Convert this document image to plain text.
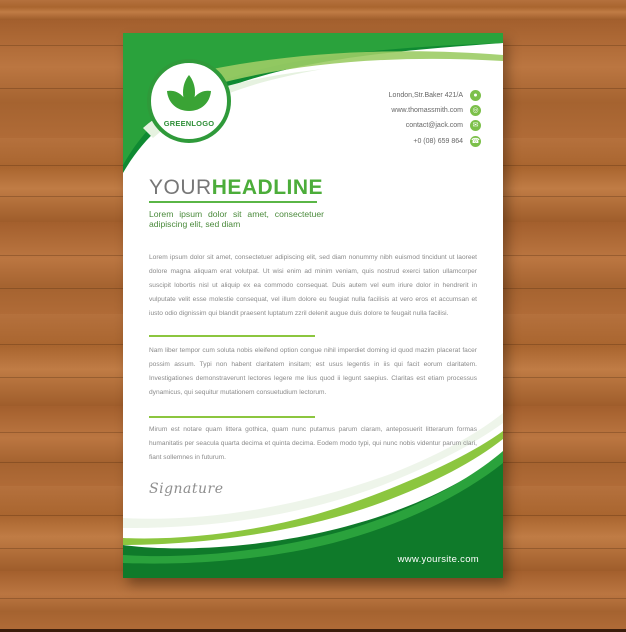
GREENLOGO
London,Str.Baker 421/A	●
www.thomassmith.com	◎
contact@jack.com	✉
+0 (08) 659 864 ☎
YOURHEADLINE
Lorem ipsum dolor sit amet, consectetuer adipiscing elit, sed diam
Lorem ipsum dolor sit amet, consectetuer adipiscing elit, sed diam nonummy nibh euismod tincidunt ut laoreet dolore magna aliquam erat volutpat. Ut wisi enim ad minim veniam, quis nostrud exerci tation ullamcorper suscipit lobortis nisl ut aliquip ex ea commodo consequat. Duis autem vel eum iriure dolor in hendrerit in vulputate velit esse molestie consequat, vel illum dolore eu feugiat nulla facilisis at vero eros et accumsan et iusto odio dignissim qui blandit praesent luptatum zzril delenit augue duis dolore te feugait nulla facilisi.
Nam liber tempor cum soluta nobis eleifend option congue nihil imperdiet doming id quod mazim placerat facer possim assum. Typi non habent claritatem insitam; est usus legentis in iis qui facit eorum claritatem. Investigationes demonstraverunt lectores legere me lius quod ii legunt saepius. Claritas est etiam processus dynamicus, qui sequitur mutationem consuetudium lectorum.
Mirum est notare quam littera gothica, quam nunc putamus parum claram, anteposuerit litterarum formas humanitatis per seacula quarta decima et quinta decima. Eodem modo typi, qui nunc nobis videntur parum clari, fiant sollemnes in futurum.
Signature
www.yoursite.com
